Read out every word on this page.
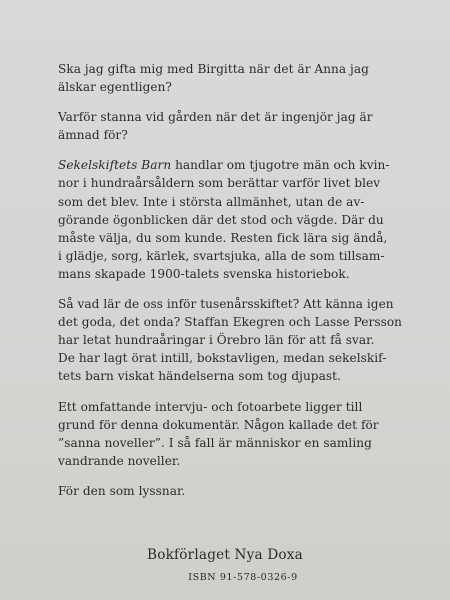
Ska jag gifta mig med Birgitta när det är Anna jag
älskar egentligen?

Varför stanna vid gården när det är ingenjör jag är
ämnad för?

Sekelskiftets Barn handlar om tjugotre män och kvin-
nor i hundraårsåldern som berättar varför livet blev
som det blev. Inte i största allmänhet, utan de av-
görande ögonblicken där det stod och vägde. Där du
måste välja, du som kunde. Resten fick lära sig ändå,
i glädje, sorg, kärlek, svartsjuka, alla de som tillsam-
mans skapade 1900-talets svenska historiebok.

Så vad lär de oss inför tusenårsskiftet? Att känna igen
det goda, det onda? Staffan Ekegren och Lasse Persson
har letat hundraåringar i Örebro län för att få svar.
De har lagt örat intill, bokstavligen, medan sekelskif-
tets barn viskat händelserna som tog djupast.

Ett omfattande intervju- och fotoarbete ligger till
grund för denna dokumentär. Någon kallade det för
”sanna noveller”. I så fall är människor en samling
vandrande noveller.

För den som lyssnar.

Bokförlaget Nya Doxa
ISBN 91-578-0326-9
